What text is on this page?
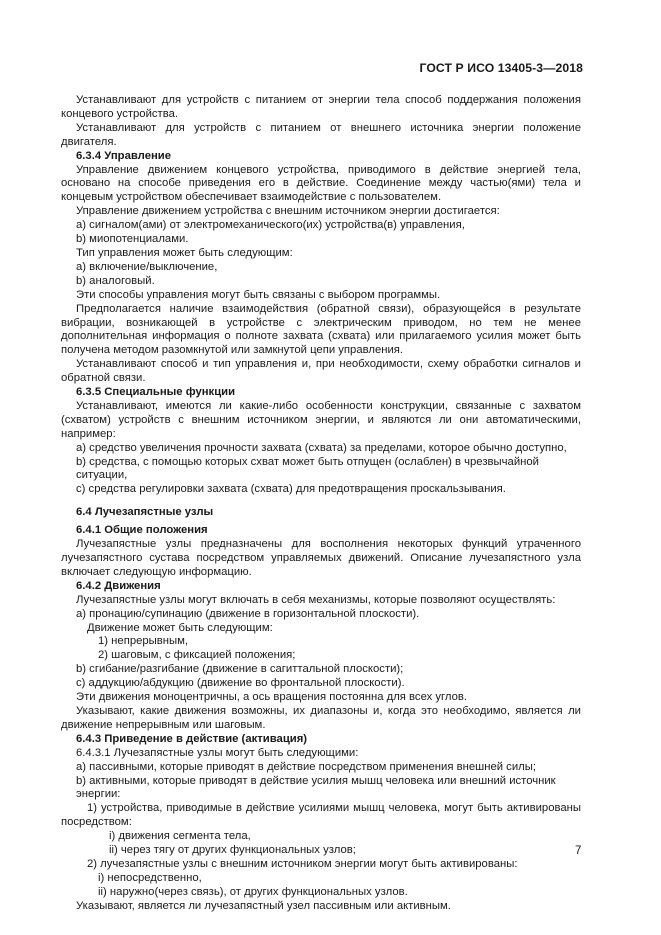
ГОСТ Р ИСО 13405-3—2018

Устанавливают для устройств с питанием от энергии тела способ поддержания положения концевого устройства.

Устанавливают для устройств с питанием от внешнего источника энергии положение двигателя.

6.3.4 Управление

Управление движением концевого устройства, приводимого в действие энергией тела, основано на способе приведения его в действие. Соединение между частью(ями) тела и концевым устройством обеспечивает взаимодействие с пользователем.

Управление движением устройства с внешним источником энергии достигается:

a) сигналом(ами) от электромеханического(их) устройства(в) управления,

b) миопотенциалами.

Тип управления может быть следующим:

a) включение/выключение,

b) аналоговый.

Эти способы управления могут быть связаны с выбором программы.

Предполагается наличие взаимодействия (обратной связи), образующейся в результате вибрации, возникающей в устройстве с электрическим приводом, но тем не менее дополнительная информация о полноте захвата (схвата) или прилагаемого усилия может быть получена методом разомкнутой или замкнутой цепи управления.

Устанавливают способ и тип управления и, при необходимости, схему обработки сигналов и обратной связи.

6.3.5 Специальные функции

Устанавливают, имеются ли какие-либо особенности конструкции, связанные с захватом (схватом) устройств с внешним источником энергии, и являются ли они автоматическими, например:

a) средство увеличения прочности захвата (схвата) за пределами, которое обычно доступно,

b) средства, с помощью которых схват может быть отпущен (ослаблен) в чрезвычайной ситуации,

c) средства регулировки захвата (схвата) для предотвращения проскальзывания.

6.4 Лучезапястные узлы

6.4.1 Общие положения

Лучезапястные узлы предназначены для восполнения некоторых функций утраченного лучезапястного сустава посредством управляемых движений. Описание лучезапястного узла включает следующую информацию.

6.4.2 Движения

Лучезапястные узлы могут включать в себя механизмы, которые позволяют осуществлять:

a) пронацию/супинацию (движение в горизонтальной плоскости).

Движение может быть следующим:

1) непрерывным,

2) шаговым, с фиксацией положения;

b) сгибание/разгибание (движение в сагиттальной плоскости);

c) аддукцию/абдукцию (движение во фронтальной плоскости).

Эти движения моноцентричны, а ось вращения постоянна для всех углов.

Указывают, какие движения возможны, их диапазоны и, когда это необходимо, является ли движение непрерывным или шаговым.

6.4.3 Приведение в действие (активация)

6.4.3.1 Лучезапястные узлы могут быть следующими:

a) пассивными, которые приводят в действие посредством применения внешней силы;

b) активными, которые приводят в действие усилия мышц человека или внешний источник энергии:

1) устройства, приводимые в действие усилиями мышц человека, могут быть активированы посредством:

i) движения сегмента тела,

ii) через тягу от других функциональных узлов;

2) лучезапястные узлы с внешним источником энергии могут быть активированы:

i) непосредственно,

ii) наружно(через связь), от других функциональных узлов.

Указывают, является ли лучезапястный узел пассивным или активным.

7
